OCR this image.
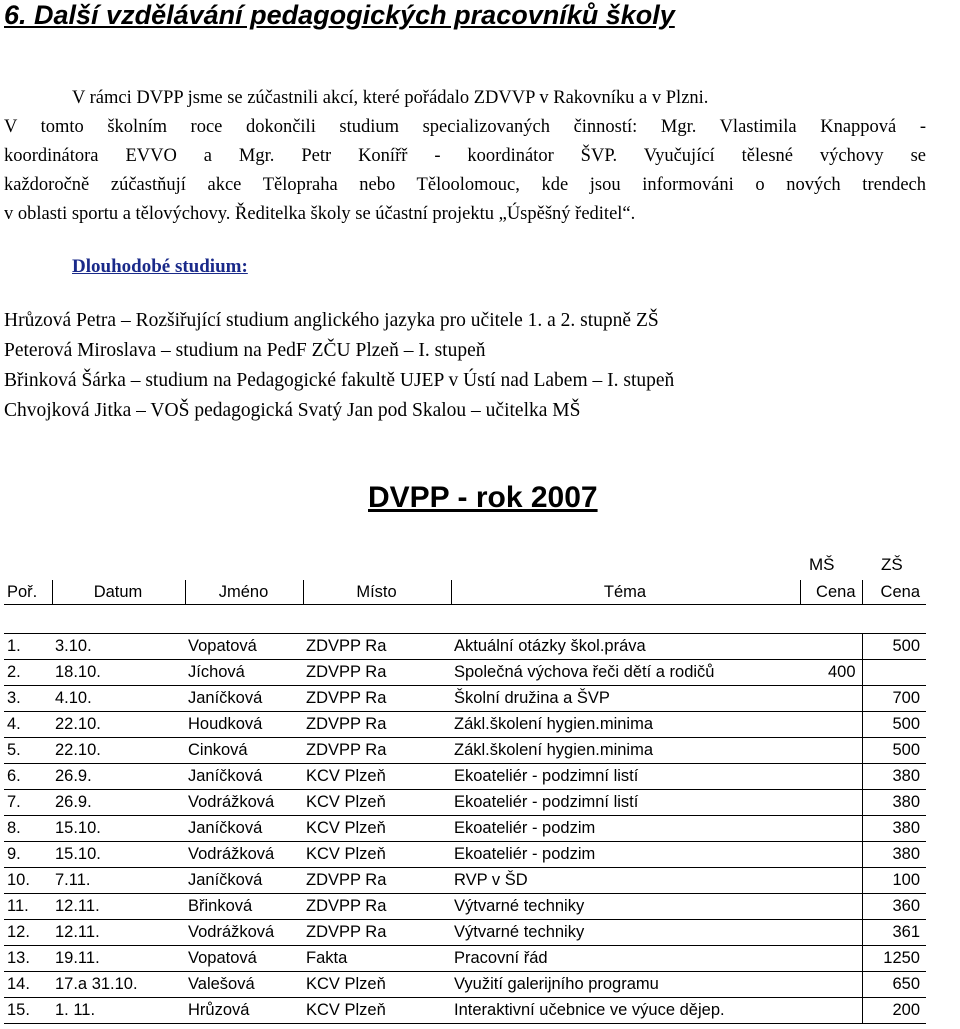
6. Další vzdělávání pedagogických pracovníků školy
V rámci DVPP jsme se zúčastnili akcí, které pořádalo ZDVVP v Rakovníku a v Plzni.
V tomto školním roce dokončili studium specializovaných činností: Mgr. Vlastimila Knappová -
koordinátora EVVO a Mgr. Petr Konířř - koordinátor ŠVP. Vyučující tělesné výchovy se
každoročně zúčastňují akce Tělopraha nebo Těloolomouc, kde jsou informováni o nových trendech
v oblasti sportu a tělovýchovy. Ředitelka školy se účastní projektu „Úspěšný ředitel“.
Dlouhodobé studium:
Hrůzová Petra – Rozšiřující studium anglického jazyka pro učitele 1. a 2. stupně ZŠ
Peterová Miroslava – studium na PedF ZČU Plzeň – I. stupeň
Břinková Šárka – studium na Pedagogické fakultě UJEP v Ústí nad Labem – I. stupeň
Chvojková Jitka – VOŠ pedagogická Svatý Jan pod Skalou – učitelka MŠ
DVPP - rok 2007
MŠ	ZŠ
Poř.	Datum	Jméno	Místo	Téma	Cena	Cena

1.	3.10.	Vopatová	ZDVPP Ra	Aktuální otázky škol.práva		500
2.	18.10.	Jíchová	ZDVPP Ra	Společná výchova řeči dětí a rodičů	400	
3.	4.10.	Janíčková	ZDVPP Ra	Školní družina a ŠVP		700
4.	22.10.	Houdková	ZDVPP Ra	Zákl.školení hygien.minima		500
5.	22.10.	Cinková	ZDVPP Ra	Zákl.školení hygien.minima		500
6.	26.9.	Janíčková	KCV Plzeň	Ekoateliér - podzimní listí		380
7.	26.9.	Vodrážková	KCV Plzeň	Ekoateliér - podzimní listí		380
8.	15.10.	Janíčková	KCV Plzeň	Ekoateliér - podzim		380
9.	15.10.	Vodrážková	KCV Plzeň	Ekoateliér - podzim		380
10.	7.11.	Janíčková	ZDVPP Ra	RVP v ŠD		100
11.	12.11.	Břinková	ZDVPP Ra	Výtvarné techniky		360
12.	12.11.	Vodrážková	ZDVPP Ra	Výtvarné techniky		361
13.	19.11.	Vopatová	Fakta	Pracovní řád		1250
14.	17.a 31.10.	Valešová	KCV Plzeň	Využití galerijního programu		650
15.	1. 11.	Hrůzová	KCV Plzeň	Interaktivní učebnice ve výuce dějep.		200
